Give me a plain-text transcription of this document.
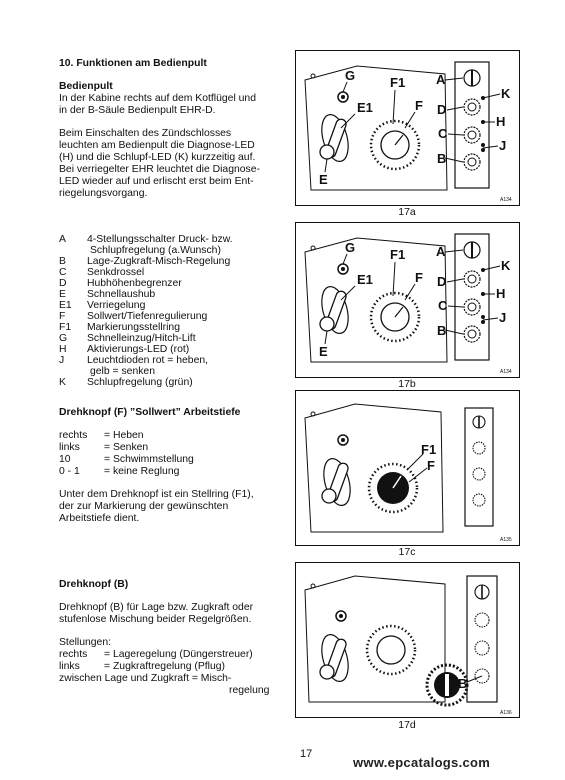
10. Funktionen am Bedienpult
Bedienpult
In der Kabine rechts auf dem Kotflügel und
in der B-Säule Bedienpult EHR-D.
Beim Einschalten des Zündschlosses
leuchten am Bedienpult die Diagnose-LED
(H) und die Schlupf-LED (K) kurzzeitig auf.
Bei verriegelter EHR leuchtet die Diagnose-
LED wieder auf und erlischt erst beim Ent-
riegelungsvorgang.
A 4-Stellungsschalter Druck- bzw.
Schlupfregelung (a.Wunsch)
B Lage-Zugkraft-Misch-Regelung
C Senkdrossel
D Hubhöhenbegrenzer
E Schnellaushub
E1 Verriegelung
F Sollwert/Tiefenregulierung
F1 Markierungsstellring
G Schnelleinzug/Hitch-Lift
H Aktivierungs-LED (rot)
J Leuchtdioden rot = heben,
gelb = senken
K Schlupfregelung (grün)
Drehknopf (F) ”Sollwert” Arbeitstiefe
rechts = Heben
links = Senken
10	= Schwimmstellung
0 - 1 = keine Reglung
Unter dem Drehknopf ist ein Stellring (F1),
der zur Markierung der gewünschten
Arbeitstiefe dient.
Drehknopf (B)
Drehknopf (B) für Lage bzw. Zugkraft oder
stufenlose Mischung beider Regelgrößen.
Stellungen:
rechts = Lageregelung (Düngerstreuer)
links = Zugkraftregelung (Pflug)
zwischen Lage und Zugkraft = Misch-
regelung
G	F1
E1	F
E
A
K
D
H
C
J
B
A134
17a
G	F1
E1	F
E
A
K
D
H
C
J
B
A134
17b
F1
F
A135
17c
B
A136
17d
17
www.epcatalogs.com
